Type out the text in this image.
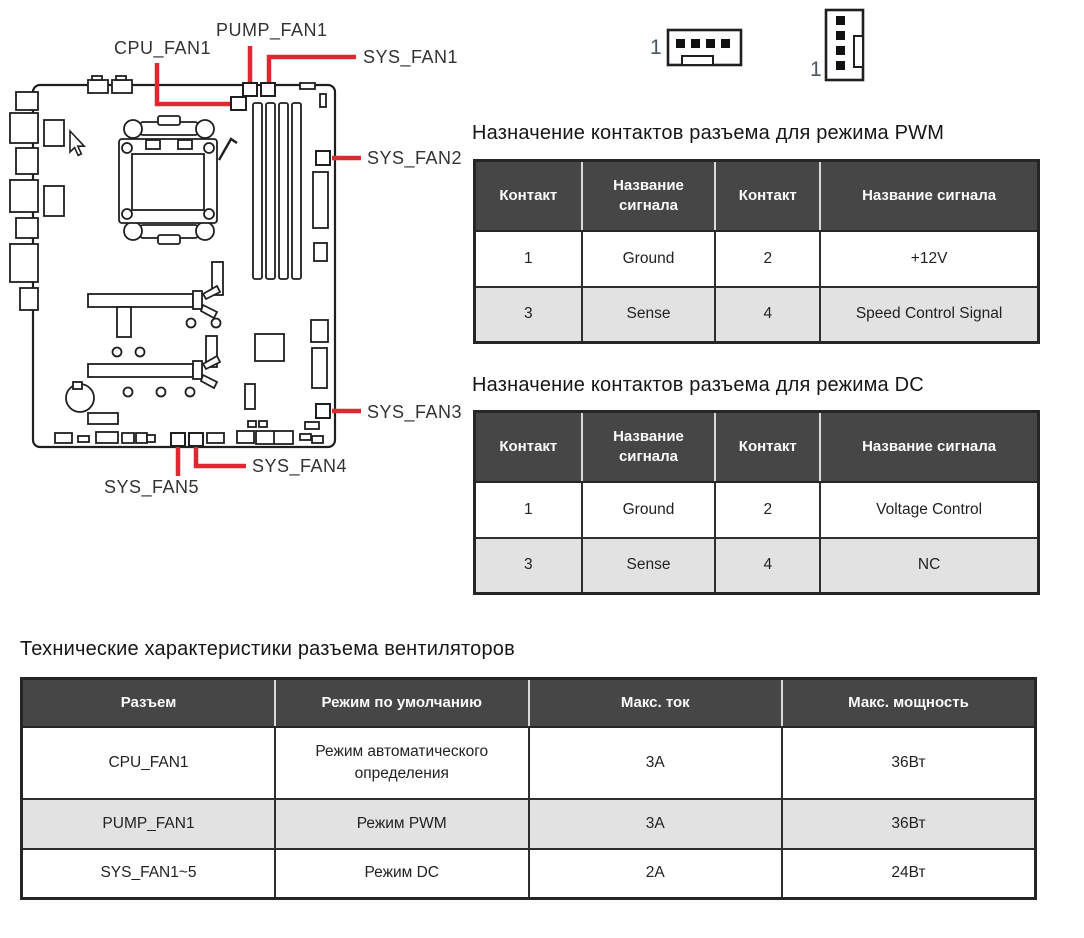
CPU_FAN1
PUMP_FAN1
SYS_FAN1
SYS_FAN2
SYS_FAN3
SYS_FAN4
SYS_FAN5
1
1
Назначение контактов разъема для режима PWM
Контакт	Название сигнала	Контакт	Название сигнала
1	Ground	2	+12V
3	Sense	4	Speed Control Signal
Назначение контактов разъема для режима DC
Контакт	Название сигнала	Контакт	Название сигнала
1	Ground	2	Voltage Control
3	Sense	4	NC
Технические характеристики разъема вентиляторов
Разъем	Режим по умолчанию	Макс. ток	Макс. мощность
CPU_FAN1	Режим автоматического определения	3A	36Вт
PUMP_FAN1	Режим PWM	3A	36Вт
SYS_FAN1~5	Режим DC	2A	24Вт
